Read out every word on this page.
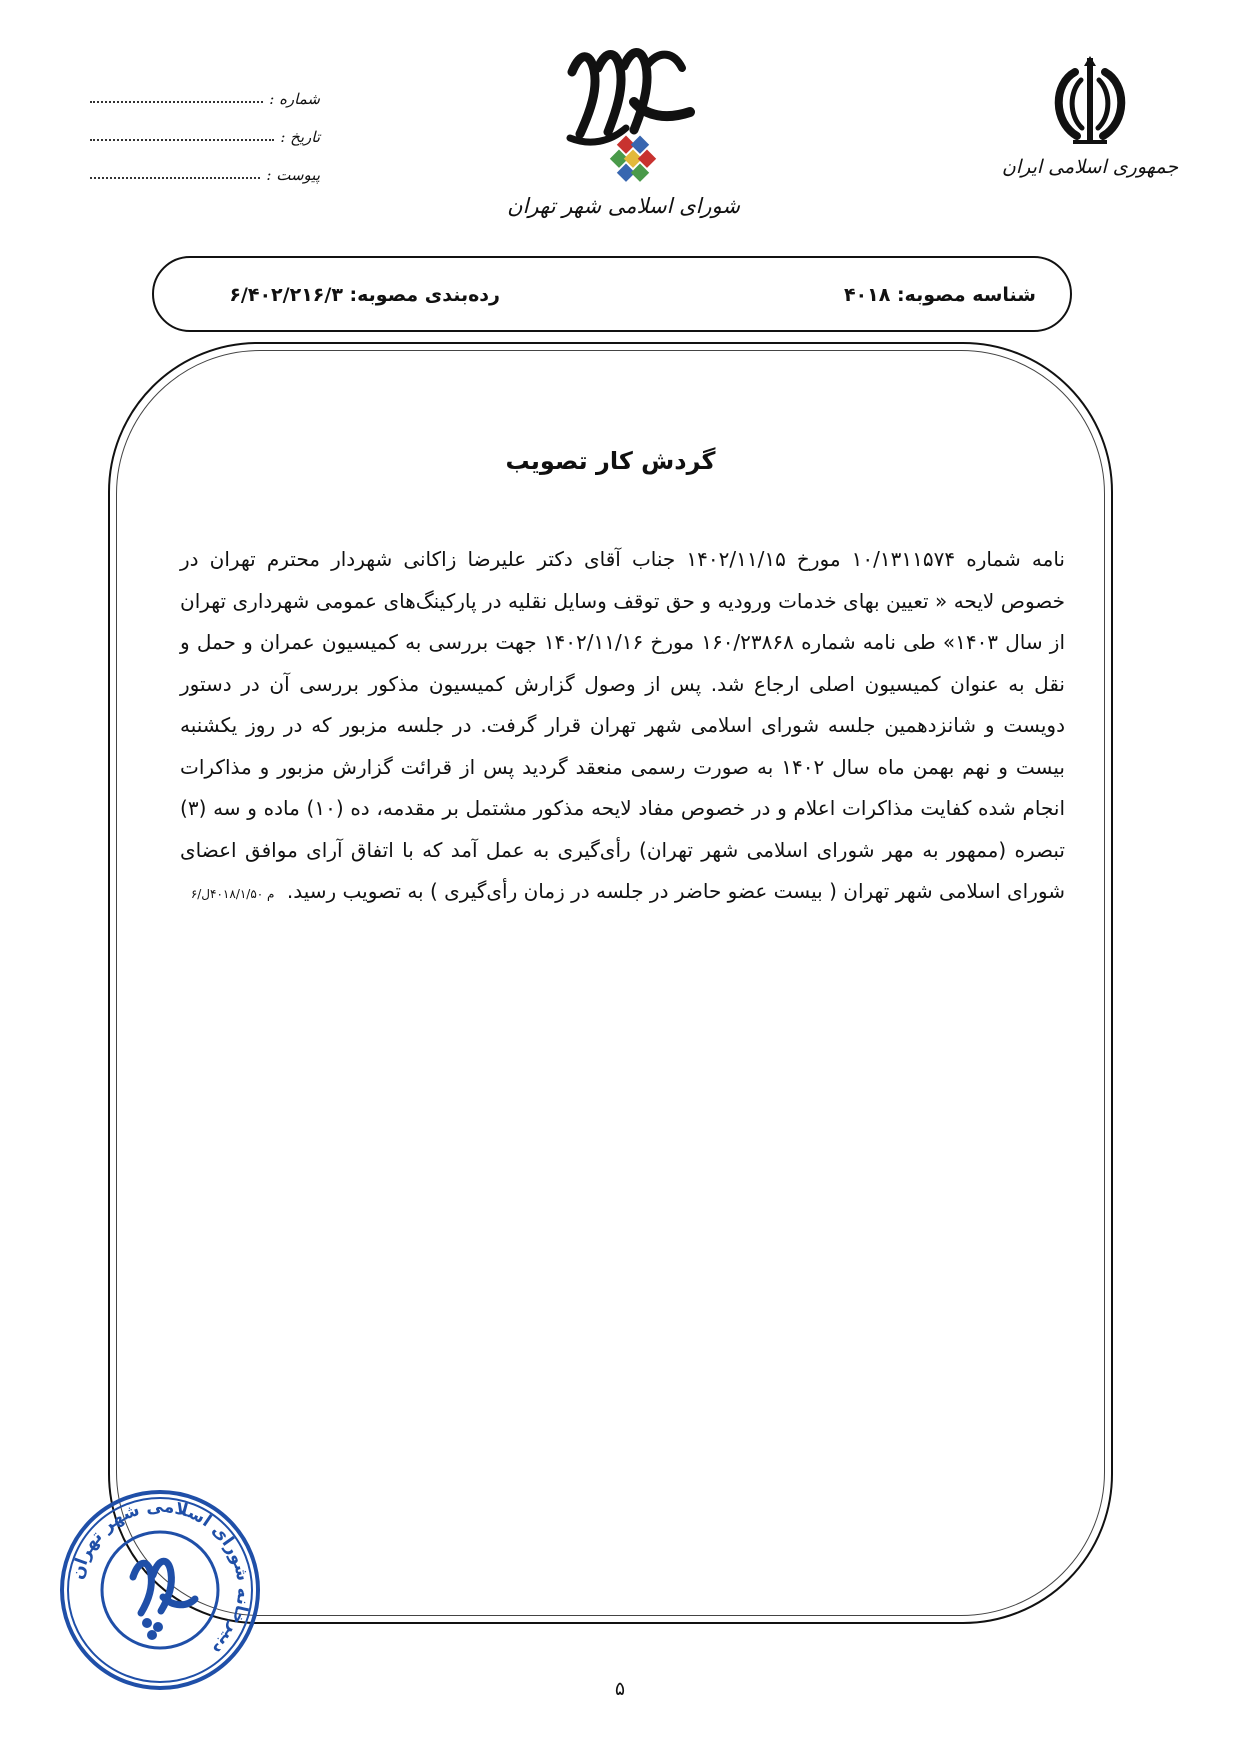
جمهوری اسلامی ایران
شورای اسلامی شهر تهران
شماره :
تاریخ :
پیوست :
شناسه مصوبه: ۴۰۱۸
رده‌بندی مصوبه: ۶/۴۰۲/۲۱۶/۳
گردش کار تصویب
نامه شماره ۱۰/۱۳۱۱۵۷۴ مورخ ۱۴۰۲/۱۱/۱۵ جناب آقای دکتر علیرضا زاکانی شهردار محترم تهران در خصوص لایحه « تعیین بهای خدمات ورودیه و حق توقف وسایل نقلیه در پارکینگ‌های عمومی شهرداری تهران از سال ۱۴۰۳» طی نامه شماره ۱۶۰/۲۳۸۶۸ مورخ ۱۴۰۲/۱۱/۱۶ جهت بررسی به کمیسیون عمران و حمل و نقل به عنوان کمیسیون اصلی ارجاع شد. پس از وصول گزارش کمیسیون مذکور بررسی آن در دستور دویست و شانزدهمین جلسه شورای اسلامی شهر تهران قرار گرفت. در جلسه مزبور که در روز یکشنبه بیست و نهم بهمن ماه سال ۱۴۰۲ به صورت رسمی منعقد گردید پس از قرائت گزارش مزبور و مذاکرات انجام شده کفایت مذاکرات اعلام و در خصوص مفاد لایحه مذکور مشتمل بر مقدمه، ده (۱۰) ماده و سه (۳) تبصره (ممهور به مهر شورای اسلامی شهر تهران) رأی‌گیری به عمل آمد که با اتفاق آرای موافق اعضای شورای اسلامی شهر تهران ( بیست عضو حاضر در جلسه در زمان رأی‌گیری ) به تصویب رسید. م ۴۰۱۸/۱/۵۰ل/۶
دبیرخانه شورای اسلامی شهر تهران
۵
